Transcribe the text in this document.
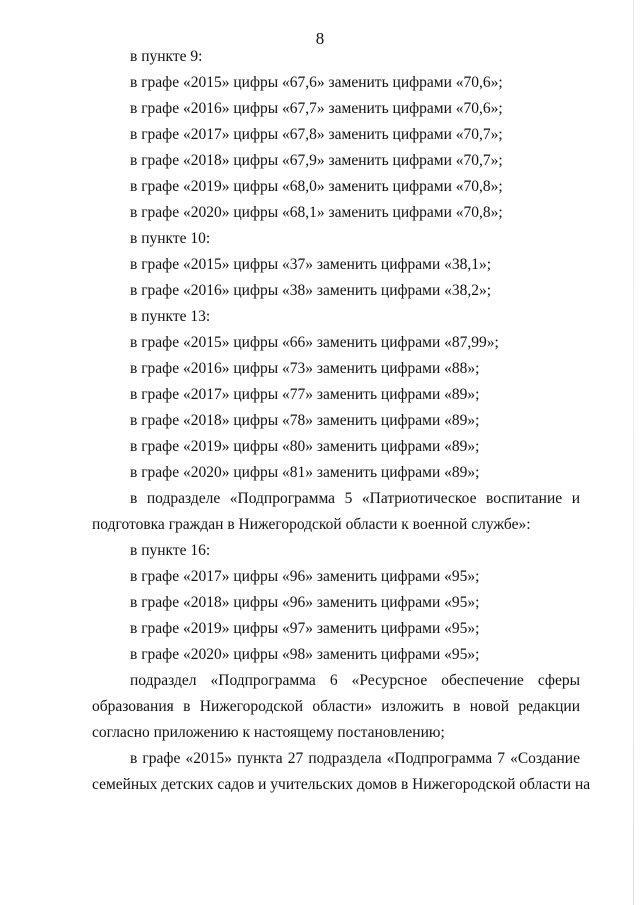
8
в пункте 9:
в графе «2015» цифры «67,6» заменить цифрами «70,6»;
в графе «2016» цифры «67,7» заменить цифрами «70,6»;
в графе «2017» цифры «67,8» заменить цифрами «70,7»;
в графе «2018» цифры «67,9» заменить цифрами «70,7»;
в графе «2019» цифры «68,0» заменить цифрами «70,8»;
в графе «2020» цифры «68,1» заменить цифрами «70,8»;
в пункте 10:
в графе «2015» цифры «37» заменить цифрами «38,1»;
в графе «2016» цифры «38» заменить цифрами «38,2»;
в пункте 13:
в графе «2015» цифры «66» заменить цифрами «87,99»;
в графе «2016» цифры «73» заменить цифрами «88»;
в графе «2017» цифры «77» заменить цифрами «89»;
в графе «2018» цифры «78» заменить цифрами «89»;
в графе «2019» цифры «80» заменить цифрами «89»;
в графе «2020» цифры «81» заменить цифрами «89»;
в подразделе «Подпрограмма 5 «Патриотическое воспитание и
подготовка граждан в Нижегородской области к военной службе»:
в пункте 16:
в графе «2017» цифры «96» заменить цифрами «95»;
в графе «2018» цифры «96» заменить цифрами «95»;
в графе «2019» цифры «97» заменить цифрами «95»;
в графе «2020» цифры «98» заменить цифрами «95»;
подраздел «Подпрограмма 6 «Ресурсное обеспечение сферы
образования в Нижегородской области» изложить в новой редакции
согласно приложению к настоящему постановлению;
в графе «2015» пункта 27 подраздела «Подпрограмма 7 «Создание
семейных детских садов и учительских домов в Нижегородской области на
